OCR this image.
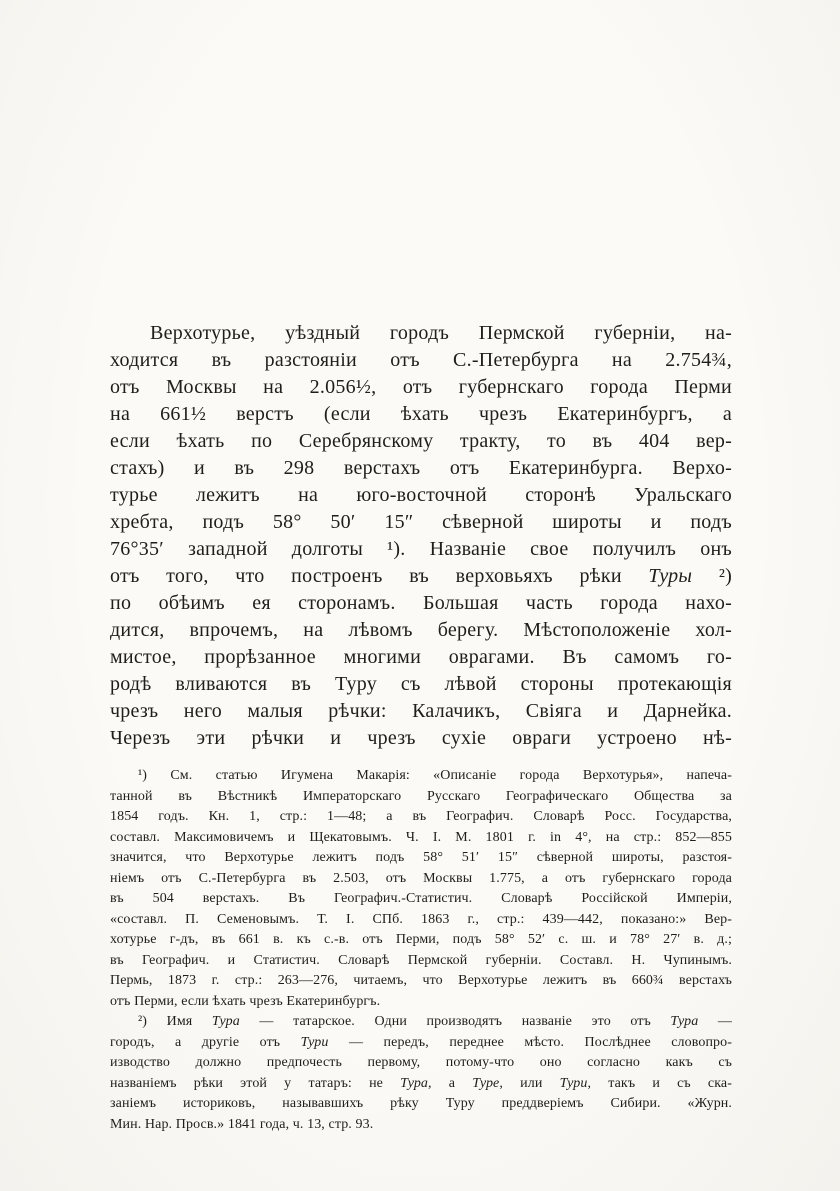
Верхотурье, уѣздный городъ Пермской губерніи, на-
ходится въ разстояніи отъ С.-Петербурга на 2.754¾,
отъ Москвы на 2.056½, отъ губернскаго города Перми
на 661½ верстъ (если ѣхать чрезъ Екатеринбургъ, а
если ѣхать по Серебрянскому тракту, то въ 404 вер-
стахъ) и въ 298 верстахъ отъ Екатеринбурга. Верхо-
турье лежитъ на юго-восточной сторонѣ Уральскаго
хребта, подъ 58° 50′ 15″ сѣверной широты и подъ
76°35′ западной долготы ¹). Названіе свое получилъ онъ
отъ того, что построенъ въ верховьяхъ рѣки Туры ²)
по обѣимъ ея сторонамъ. Большая часть города нахо-
дится, впрочемъ, на лѣвомъ берегу. Мѣстоположеніе хол-
мистое, прорѣзанное многими оврагами. Въ самомъ го-
родѣ вливаются въ Туру съ лѣвой стороны протекающія
чрезъ него малыя рѣчки: Калачикъ, Свіяга и Дарнейка.
Черезъ эти рѣчки и чрезъ сухіе овраги устроено нѣ-
¹) См. статью Игумена Макарія: «Описаніе города Верхотурья», напеча-
танной въ Вѣстникѣ Императорскаго Русскаго Географическаго Общества за
1854 годъ. Кн. 1, стр.: 1—48; а въ Географич. Словарѣ Росс. Государства,
составл. Максимовичемъ и Щекатовымъ. Ч. I. М. 1801 г. in 4°, на стр.: 852—855
значится, что Верхотурье лежитъ подъ 58° 51′ 15″ сѣверной широты, разстоя-
ніемъ отъ С.-Петербурга въ 2.503, отъ Москвы 1.775, а отъ губернскаго города
въ 504 верстахъ. Въ Географич.-Статистич. Словарѣ Россійской Имперіи,
«составл. П. Семеновымъ. Т. I. СПб. 1863 г., стр.: 439—442, показано:» Вер-
хотурье г-дъ, въ 661 в. къ с.-в. отъ Перми, подъ 58° 52′ с. ш. и 78° 27′ в. д.;
въ Географич. и Статистич. Словарѣ Пермской губерніи. Составл. Н. Чупинымъ.
Пермь, 1873 г. стр.: 263—276, читаемъ, что Верхотурье лежитъ въ 660¾ верстахъ
отъ Перми, если ѣхать чрезъ Екатеринбургъ.
²) Имя Тура — татарское. Одни производятъ названіе это отъ Тура —
городъ, а другіе отъ Тури — передъ, переднее мѣсто. Послѣднее словопро-
изводство должно предпочесть первому, потому-что оно согласно какъ съ
названіемъ рѣки этой у татаръ: не Тура, а Туре, или Тури, такъ и съ ска-
заніемъ историковъ, называвшихъ рѣку Туру преддверіемъ Сибири. «Журн.
Мин. Нар. Просв.» 1841 года, ч. 13, стр. 93.
